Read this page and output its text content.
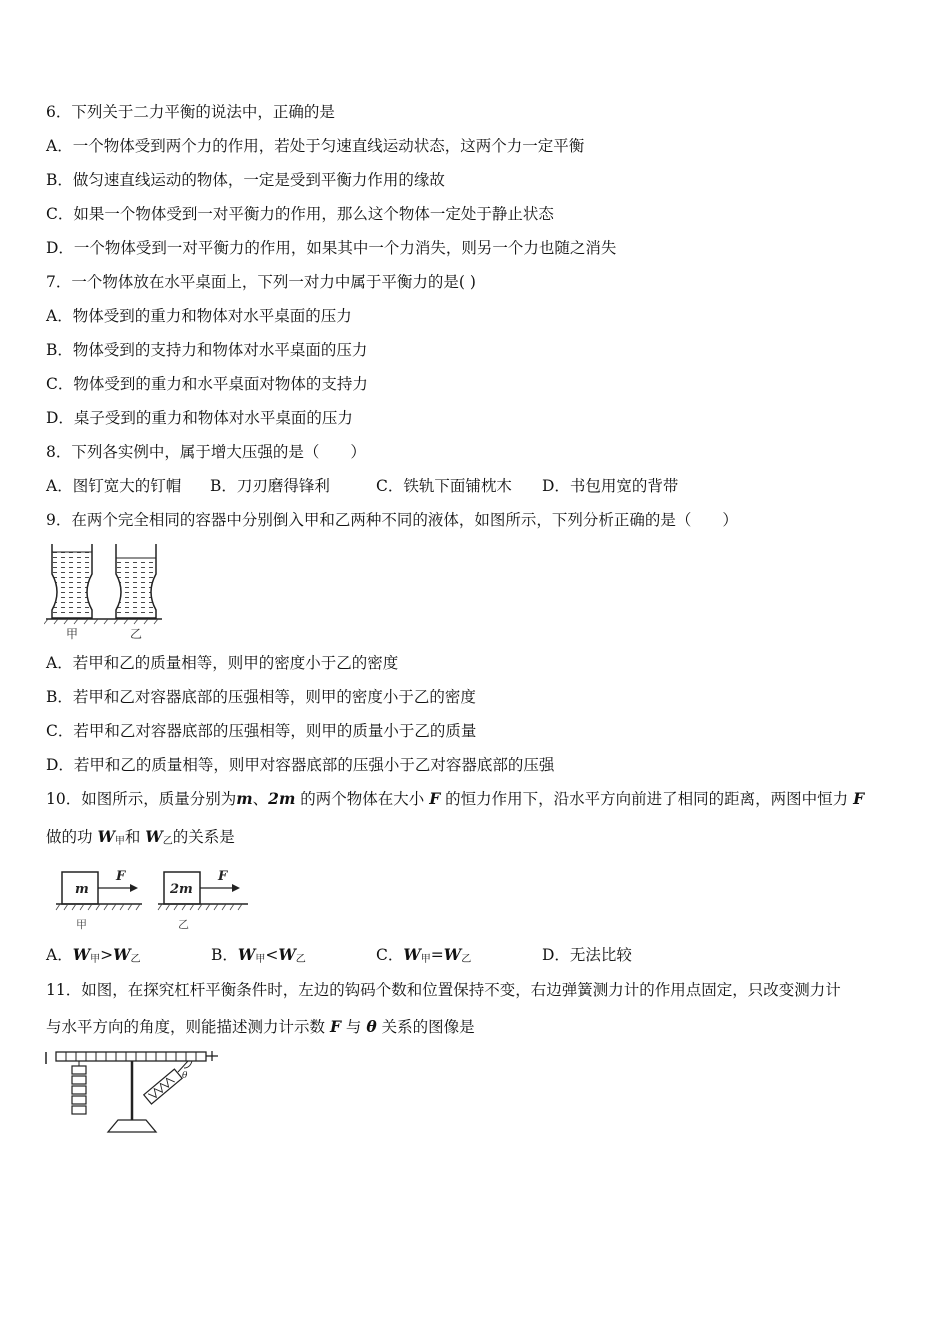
6．下列关于二力平衡的说法中，正确的是
A．一个物体受到两个力的作用，若处于匀速直线运动状态，这两个力一定平衡
B．做匀速直线运动的物体，一定是受到平衡力作用的缘故
C．如果一个物体受到一对平衡力的作用，那么这个物体一定处于静止状态
D．一个物体受到一对平衡力的作用，如果其中一个力消失，则另一个力也随之消失
7．一个物体放在水平桌面上，下列一对力中属于平衡力的是( )
A．物体受到的重力和物体对水平桌面的压力
B．物体受到的支持力和物体对水平桌面的压力
C．物体受到的重力和水平桌面对物体的支持力
D．桌子受到的重力和物体对水平桌面的压力
8．下列各实例中，属于增大压强的是（　　）
A．图钉宽大的钉帽 B．刀刃磨得锋利	C．铁轨下面铺枕木 D．书包用宽的背带
9．在两个完全相同的容器中分别倒入甲和乙两种不同的液体，如图所示，下列分析正确的是（　　）
甲	乙
A．若甲和乙的质量相等，则甲的密度小于乙的密度
B．若甲和乙对容器底部的压强相等，则甲的密度小于乙的密度
C．若甲和乙对容器底部的压强相等，则甲的质量小于乙的质量
D．若甲和乙的质量相等，则甲对容器底部的压强小于乙对容器底部的压强
10．如图所示，质量分别为m、2m 的两个物体在大小 F 的恒力作用下，沿水平方向前进了相同的距离，两图中恒力 F
做的功 $W_甲$和 $W_乙$的关系是
m
F
甲
2m
F
乙
A．$W_甲>W_乙$	B．$W_甲<W_乙$	C．$W_甲=W_乙$	D．无法比较
11．如图，在探究杠杆平衡条件时，左边的钩码个数和位置保持不变，右边弹簧测力计的作用点固定，只改变测力计
与水平方向的角度，则能描述测力计示数 F 与 θ 关系的图像是
θ
